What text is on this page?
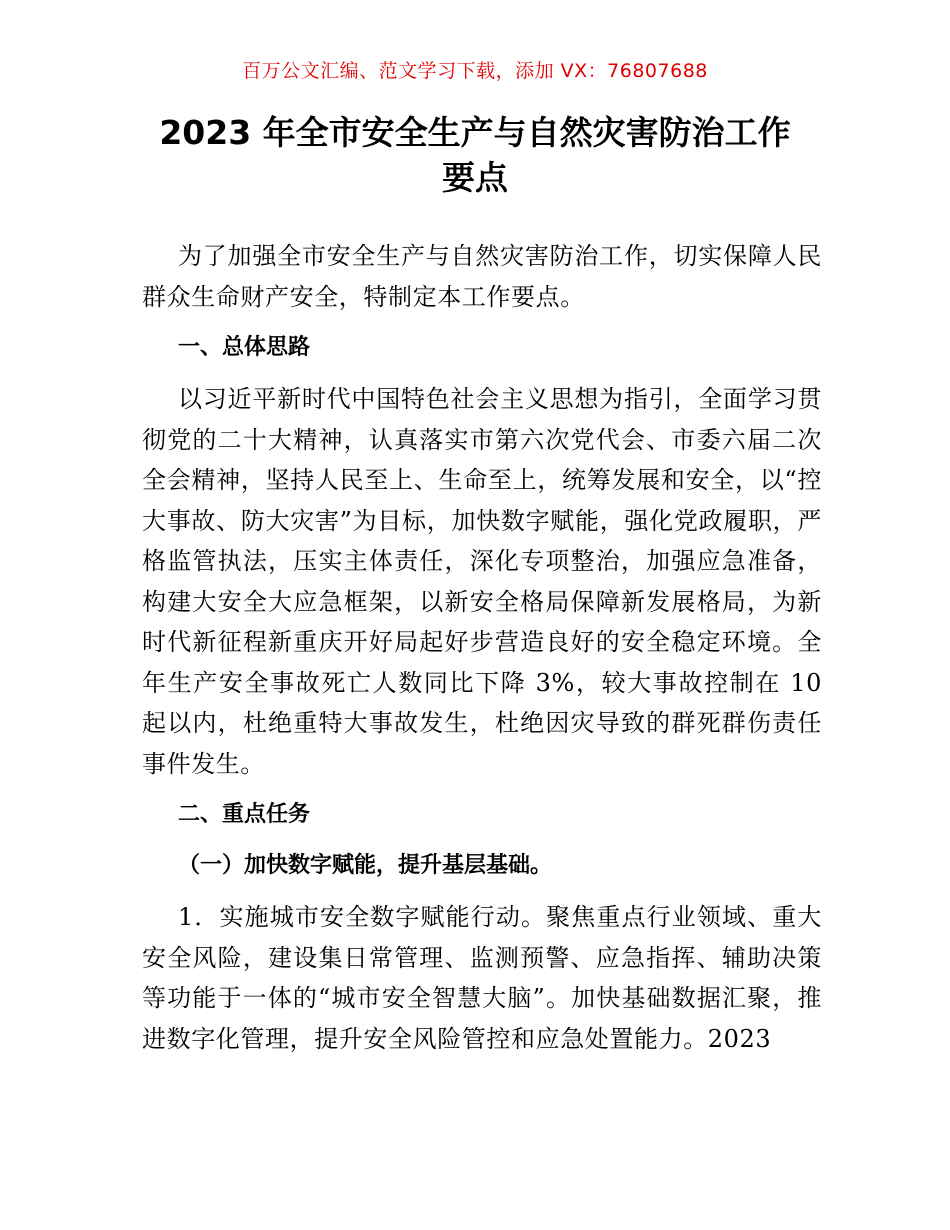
百万公文汇编、范文学习下载，添加 VX：76807688
2023 年全市安全生产与自然灾害防治工作
要点

为了加强全市安全生产与自然灾害防治工作，切实保障人民群众生命财产安全，特制定本工作要点。

一、总体思路

以习近平新时代中国特色社会主义思想为指引，全面学习贯彻党的二十大精神，认真落实市第六次党代会、市委六届二次全会精神，坚持人民至上、生命至上，统筹发展和安全，以“控大事故、防大灾害”为目标，加快数字赋能，强化党政履职，严格监管执法，压实主体责任，深化专项整治，加强应急准备，构建大安全大应急框架，以新安全格局保障新发展格局，为新时代新征程新重庆开好局起好步营造良好的安全稳定环境。全年生产安全事故死亡人数同比下降 3%，较大事故控制在 10 起以内，杜绝重特大事故发生，杜绝因灾导致的群死群伤责任事件发生。

二、重点任务

（一）加快数字赋能，提升基层基础。

1．实施城市安全数字赋能行动。聚焦重点行业领域、重大安全风险，建设集日常管理、监测预警、应急指挥、辅助决策等功能于一体的“城市安全智慧大脑”。加快基础数据汇聚，推进数字化管理，提升安全风险管控和应急处置能力。2023
